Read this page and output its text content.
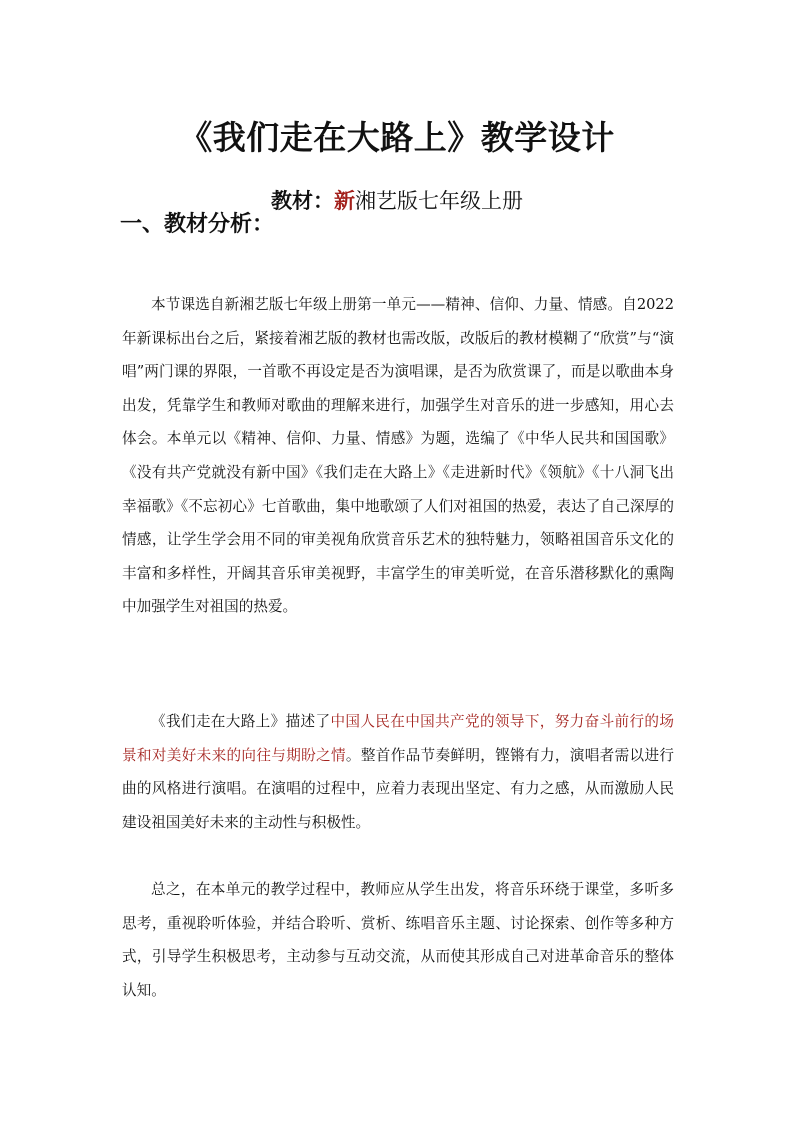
《我们走在大路上》教学设计
教材：新湘艺版七年级上册
一、教材分析：

本节课选自新湘艺版七年级上册第一单元——精神、信仰、力量、情感。自2022年新课标出台之后，紧接着湘艺版的教材也需改版，改版后的教材模糊了“欣赏”与“演唱”两门课的界限，一首歌不再设定是否为演唱课，是否为欣赏课了，而是以歌曲本身出发，凭靠学生和教师对歌曲的理解来进行，加强学生对音乐的进一步感知，用心去体会。本单元以《精神、信仰、力量、情感》为题，选编了《中华人民共和国国歌》《没有共产党就没有新中国》《我们走在大路上》《走进新时代》《领航》《十八洞飞出幸福歌》《不忘初心》七首歌曲，集中地歌颂了人们对祖国的热爱，表达了自己深厚的情感，让学生学会用不同的审美视角欣赏音乐艺术的独特魅力，领略祖国音乐文化的丰富和多样性，开阔其音乐审美视野，丰富学生的审美听觉，在音乐潜移默化的熏陶中加强学生对祖国的热爱。

《我们走在大路上》描述了中国人民在中国共产党的领导下，努力奋斗前行的场景和对美好未来的向往与期盼之情。整首作品节奏鲜明，铿锵有力，演唱者需以进行曲的风格进行演唱。在演唱的过程中，应着力表现出坚定、有力之感，从而激励人民建设祖国美好未来的主动性与积极性。

总之，在本单元的教学过程中，教师应从学生出发，将音乐环绕于课堂，多听多思考，重视聆听体验，并结合聆听、赏析、练唱音乐主题、讨论探索、创作等多种方式，引导学生积极思考，主动参与互动交流，从而使其形成自己对进革命音乐的整体认知。
